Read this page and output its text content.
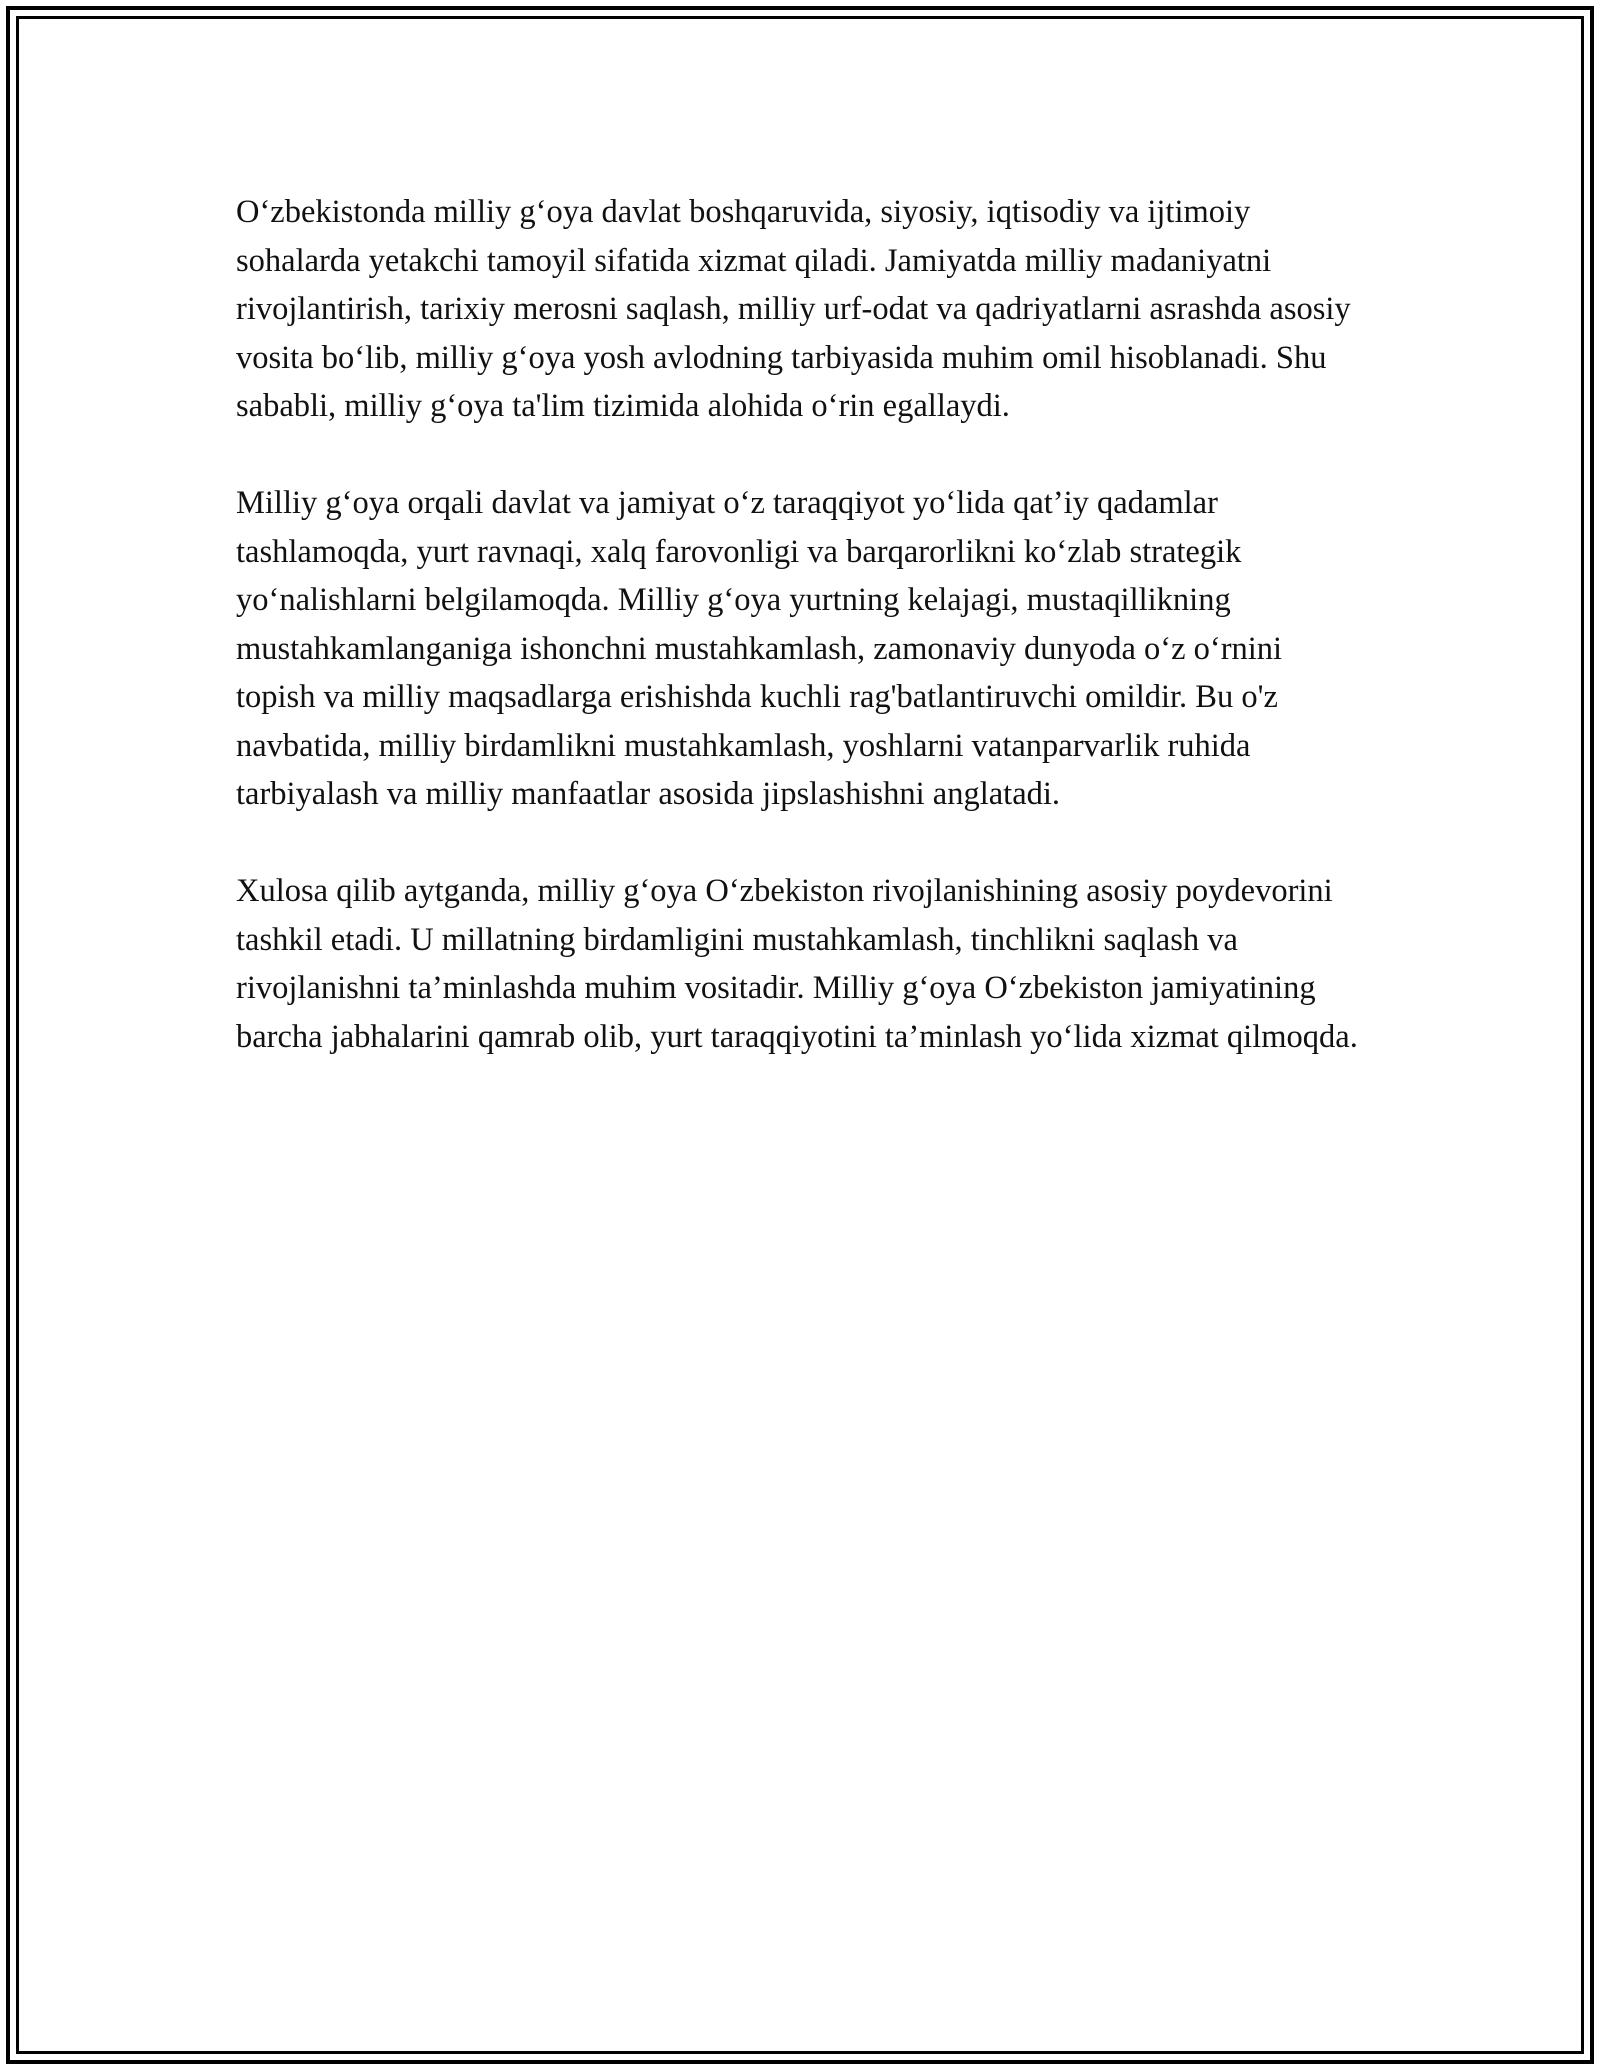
O‘zbekistonda milliy g‘oya davlat boshqaruvida, siyosiy, iqtisodiy va ijtimoiy sohalarda yetakchi tamoyil sifatida xizmat qiladi. Jamiyatda milliy madaniyatni rivojlantirish, tarixiy merosni saqlash, milliy urf-odat va qadriyatlarni asrashda asosiy vosita bo‘lib, milliy g‘oya yosh avlodning tarbiyasida muhim omil hisoblanadi. Shu sababli, milliy g‘oya ta'lim tizimida alohida o‘rin egallaydi.

Milliy g‘oya orqali davlat va jamiyat o‘z taraqqiyot yo‘lida qat’iy qadamlar tashlamoqda, yurt ravnaqi, xalq farovonligi va barqarorlikni ko‘zlab strategik yo‘nalishlarni belgilamoqda. Milliy g‘oya yurtning kelajagi, mustaqillikning mustahkamlanganiga ishonchni mustahkamlash, zamonaviy dunyoda o‘z o‘rnini topish va milliy maqsadlarga erishishda kuchli rag'batlantiruvchi omildir. Bu o'z navbatida, milliy birdamlikni mustahkamlash, yoshlarni vatanparvarlik ruhida tarbiyalash va milliy manfaatlar asosida jipslashishni anglatadi.

Xulosa qilib aytganda, milliy g‘oya O‘zbekiston rivojlanishining asosiy poydevorini tashkil etadi. U millatning birdamligini mustahkamlash, tinchlikni saqlash va rivojlanishni ta’minlashda muhim vositadir. Milliy g‘oya O‘zbekiston jamiyatining barcha jabhalarini qamrab olib, yurt taraqqiyotini ta’minlash yo‘lida xizmat qilmoqda.
